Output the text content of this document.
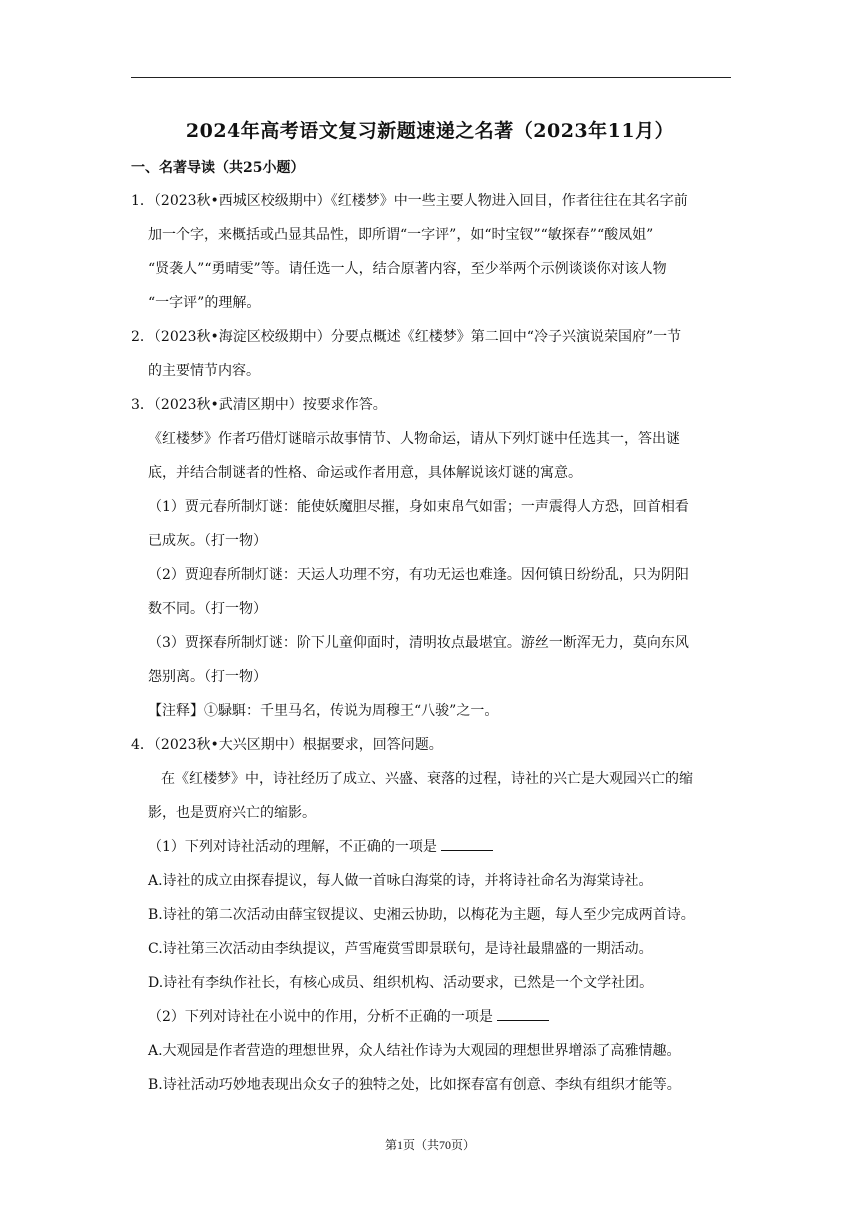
2024年高考语文复习新题速递之名著（2023年11月）
一、名著导读（共25小题）
1．（2023秋•西城区校级期中）《红楼梦》中一些主要人物进入回目，作者往往在其名字前
加一个字，来概括或凸显其品性，即所谓“一字评”，如“时宝钗”“敏探春”“酸凤姐”
“贤袭人”“勇晴雯”等。请任选一人，结合原著内容，至少举两个示例谈谈你对该人物
“一字评”的理解。
2．（2023秋•海淀区校级期中）分要点概述《红楼梦》第二回中“冷子兴演说荣国府”一节
的主要情节内容。
3．（2023秋•武清区期中）按要求作答。
《红楼梦》作者巧借灯谜暗示故事情节、人物命运，请从下列灯谜中任选其一，答出谜
底，并结合制谜者的性格、命运或作者用意，具体解说该灯谜的寓意。
（1）贾元春所制灯谜：能使妖魔胆尽摧，身如束帛气如雷；一声震得人方恐，回首相看
已成灰。（打一物）
（2）贾迎春所制灯谜：天运人功理不穷，有功无运也难逢。因何镇日纷纷乱，只为阴阳
数不同。（打一物）
（3）贾探春所制灯谜：阶下儿童仰面时，清明妆点最堪宜。游丝一断浑无力，莫向东风
怨别离。（打一物）
【注释】①騄駬：千里马名，传说为周穆王“八骏”之一。
4．（2023秋•大兴区期中）根据要求，回答问题。
在《红楼梦》中，诗社经历了成立、兴盛、衰落的过程，诗社的兴亡是大观园兴亡的缩
影，也是贾府兴亡的缩影。
（1）下列对诗社活动的理解，不正确的一项是
A.诗社的成立由探春提议，每人做一首咏白海棠的诗，并将诗社命名为海棠诗社。
B.诗社的第二次活动由薛宝钗提议、史湘云协助，以梅花为主题，每人至少完成两首诗。
C.诗社第三次活动由李纨提议，芦雪庵赏雪即景联句，是诗社最鼎盛的一期活动。
D.诗社有李纨作社长，有核心成员、组织机构、活动要求，已然是一个文学社团。
（2）下列对诗社在小说中的作用，分析不正确的一项是
A.大观园是作者营造的理想世界，众人结社作诗为大观园的理想世界增添了高雅情趣。
B.诗社活动巧妙地表现出众女子的独特之处，比如探春富有创意、李纨有组织才能等。
第1页（共70页）
